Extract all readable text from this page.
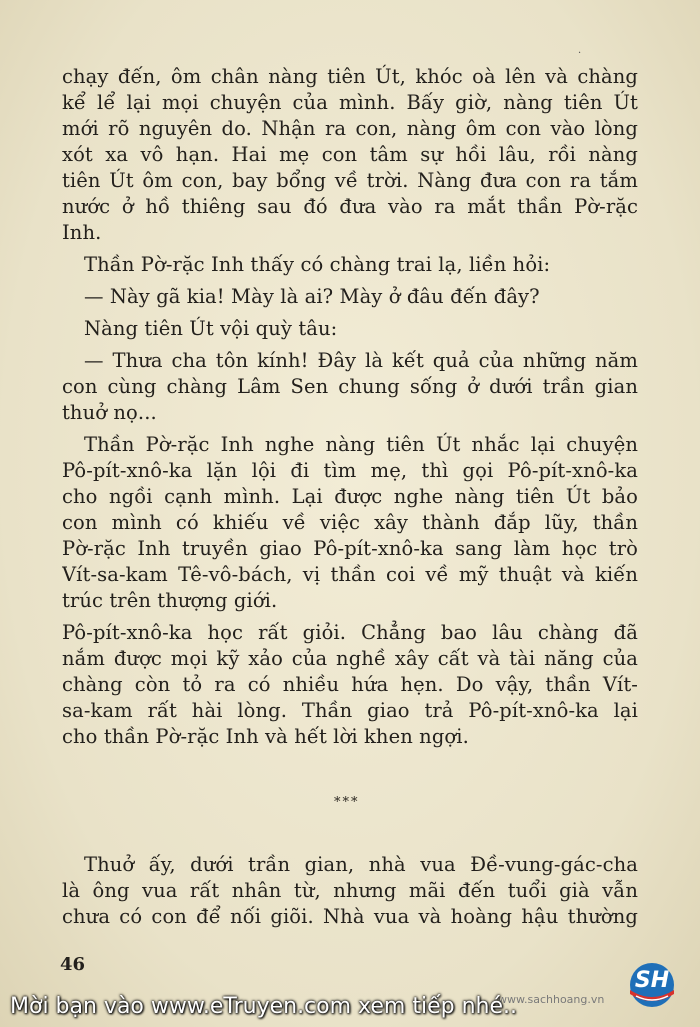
·
chạy đến, ôm chân nàng tiên Út, khóc oà lên và chàng
kể lể lại mọi chuyện của mình. Bấy giờ, nàng tiên Út
mới rõ nguyên do. Nhận ra con, nàng ôm con vào lòng
xót xa vô hạn. Hai mẹ con tâm sự hồi lâu, rồi nàng
tiên Út ôm con, bay bổng về trời. Nàng đưa con ra tắm
nước ở hồ thiêng sau đó đưa vào ra mắt thần Pờ-rặc
Inh.
Thần Pờ-rặc Inh thấy có chàng trai lạ, liền hỏi:
— Này gã kia! Mày là ai? Mày ở đâu đến đây?
Nàng tiên Út vội quỳ tâu:
— Thưa cha tôn kính! Đây là kết quả của những năm
con cùng chàng Lâm Sen chung sống ở dưới trần gian
thuở nọ...
Thần Pờ-rặc Inh nghe nàng tiên Út nhắc lại chuyện
Pô-pít-xnô-ka lặn lội đi tìm mẹ, thì gọi Pô-pít-xnô-ka
cho ngồi cạnh mình. Lại được nghe nàng tiên Út bảo
con mình có khiếu về việc xây thành đắp lũy, thần
Pờ-rặc Inh truyền giao Pô-pít-xnô-ka sang làm học trò
Vít-sa-kam Tê-vô-bách, vị thần coi về mỹ thuật và kiến
trúc trên thượng giới.
Pô-pít-xnô-ka học rất giỏi. Chẳng bao lâu chàng đã
nắm được mọi kỹ xảo của nghề xây cất và tài năng của
chàng còn tỏ ra có nhiều hứa hẹn. Do vậy, thần Vít-
sa-kam rất hài lòng. Thần giao trả Pô-pít-xnô-ka lại
cho thần Pờ-rặc Inh và hết lời khen ngợi.
***
Thuở ấy, dưới trần gian, nhà vua Đề-vung-gác-cha
là ông vua rất nhân từ, nhưng mãi đến tuổi già vẫn
chưa có con để nối giõi. Nhà vua và hoàng hậu thường
46
www.sachhoang.vn
SH
Mời bạn vào www.eTruyen.com xem tiếp nhé..
